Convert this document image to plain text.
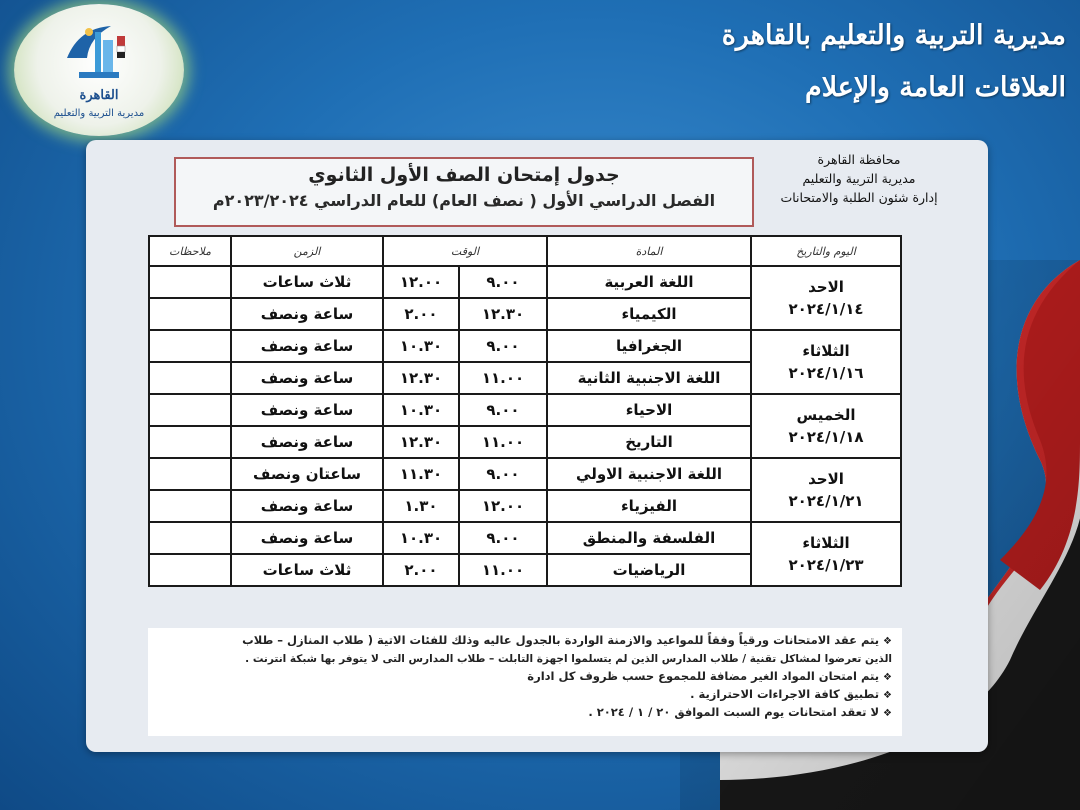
القاهرة
مديرية التربية والتعليم
مديرية التربية والتعليم بالقاهرة
العلاقات العامة والإعلام
محافظة القاهرة
مديرية التربية والتعليم
إدارة شئون الطلبة والامتحانات
جدول إمتحان الصف الأول الثانوي
الفصل الدراسي الأول ( نصف العام) للعام الدراسي ٢٠٢٣/٢٠٢٤م
اليوم والتاريخ	المادة	الوقت		الزمن	ملاحظات

الاحد
٢٠٢٤/١/١٤	اللغة العربية	٩.٠٠	١٢.٠٠	ثلاث ساعات	
	الكيمياء	١٢.٣٠	٢.٠٠	ساعة ونصف	

الثلاثاء
٢٠٢٤/١/١٦	الجغرافيا	٩.٠٠	١٠.٣٠	ساعة ونصف	
	اللغة الاجنبية الثانية	١١.٠٠	١٢.٣٠	ساعة ونصف	

الخميس
٢٠٢٤/١/١٨	الاحياء	٩.٠٠	١٠.٣٠	ساعة ونصف	
	التاريخ	١١.٠٠	١٢.٣٠	ساعة ونصف	

الاحد
٢٠٢٤/١/٢١	اللغة الاجنبية الاولي	٩.٠٠	١١.٣٠	ساعتان ونصف	
	الفيزياء	١٢.٠٠	١.٣٠	ساعة ونصف	

الثلاثاء
٢٠٢٤/١/٢٣	الفلسفة والمنطق	٩.٠٠	١٠.٣٠	ساعة ونصف	
	الرياضيات	١١.٠٠	٢.٠٠	ثلاث ساعات	
❖يتم عقد الامتحانات ورقياً وفقاً للمواعيد والازمنة الواردة بالجدول عاليه وذلك للفئات الاتية ( طلاب المنازل – طلاب
الذين تعرضوا لمشاكل تقنية / طلاب المدارس الذين لم يتسلموا اجهزة التابلت – طلاب المدارس التى لا يتوفر بها شبكة انترنت .
❖يتم امتحان المواد الغير مضافة للمجموع حسب ظروف كل ادارة
❖تطبيق كافة الاجراءات الاحترازية .
❖لا تعقد امتحانات يوم السبت الموافق ٢٠ / ١ / ٢٠٢٤ .
